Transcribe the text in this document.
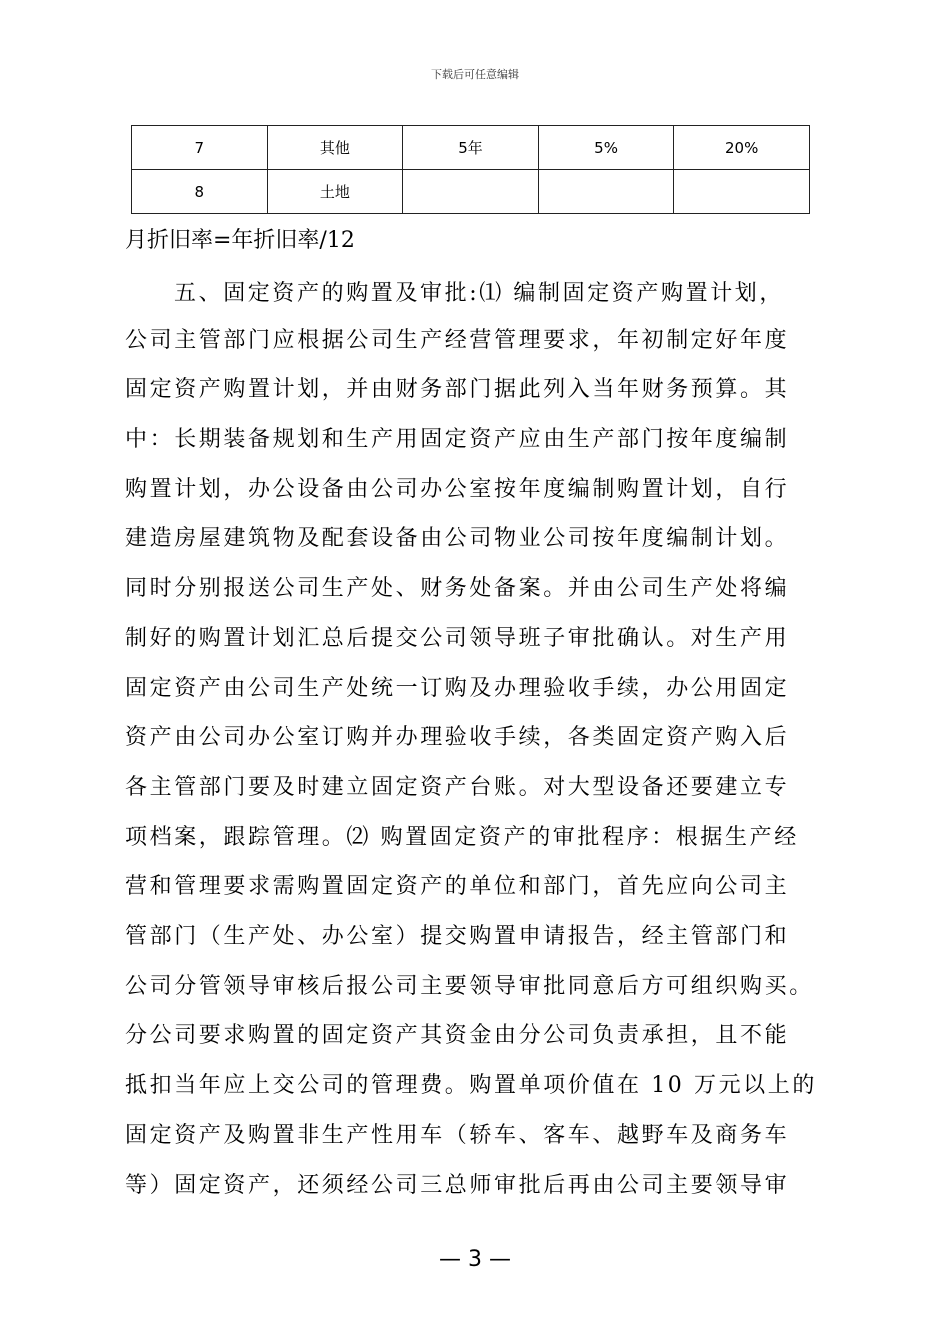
下载后可任意编辑
7	其他	5年	5%	20%
8	土地			
月折旧率=年折旧率/12
五、固定资产的购置及审批:⑴ 编制固定资产购置计划，
公司主管部门应根据公司生产经营管理要求，年初制定好年度
固定资产购置计划，并由财务部门据此列入当年财务预算。其
中：长期装备规划和生产用固定资产应由生产部门按年度编制
购置计划，办公设备由公司办公室按年度编制购置计划，自行
建造房屋建筑物及配套设备由公司物业公司按年度编制计划。
同时分别报送公司生产处、财务处备案。并由公司生产处将编
制好的购置计划汇总后提交公司领导班子审批确认。对生产用
固定资产由公司生产处统一订购及办理验收手续，办公用固定
资产由公司办公室订购并办理验收手续，各类固定资产购入后
各主管部门要及时建立固定资产台账。对大型设备还要建立专
项档案，跟踪管理。⑵ 购置固定资产的审批程序：根据生产经
营和管理要求需购置固定资产的单位和部门，首先应向公司主
管部门（生产处、办公室）提交购置申请报告，经主管部门和
公司分管领导审核后报公司主要领导审批同意后方可组织购买。
分公司要求购置的固定资产其资金由分公司负责承担，且不能
抵扣当年应上交公司的管理费。购置单项价值在 10 万元以上的
固定资产及购置非生产性用车（轿车、客车、越野车及商务车
等）固定资产，还须经公司三总师审批后再由公司主要领导审
— 3 —
